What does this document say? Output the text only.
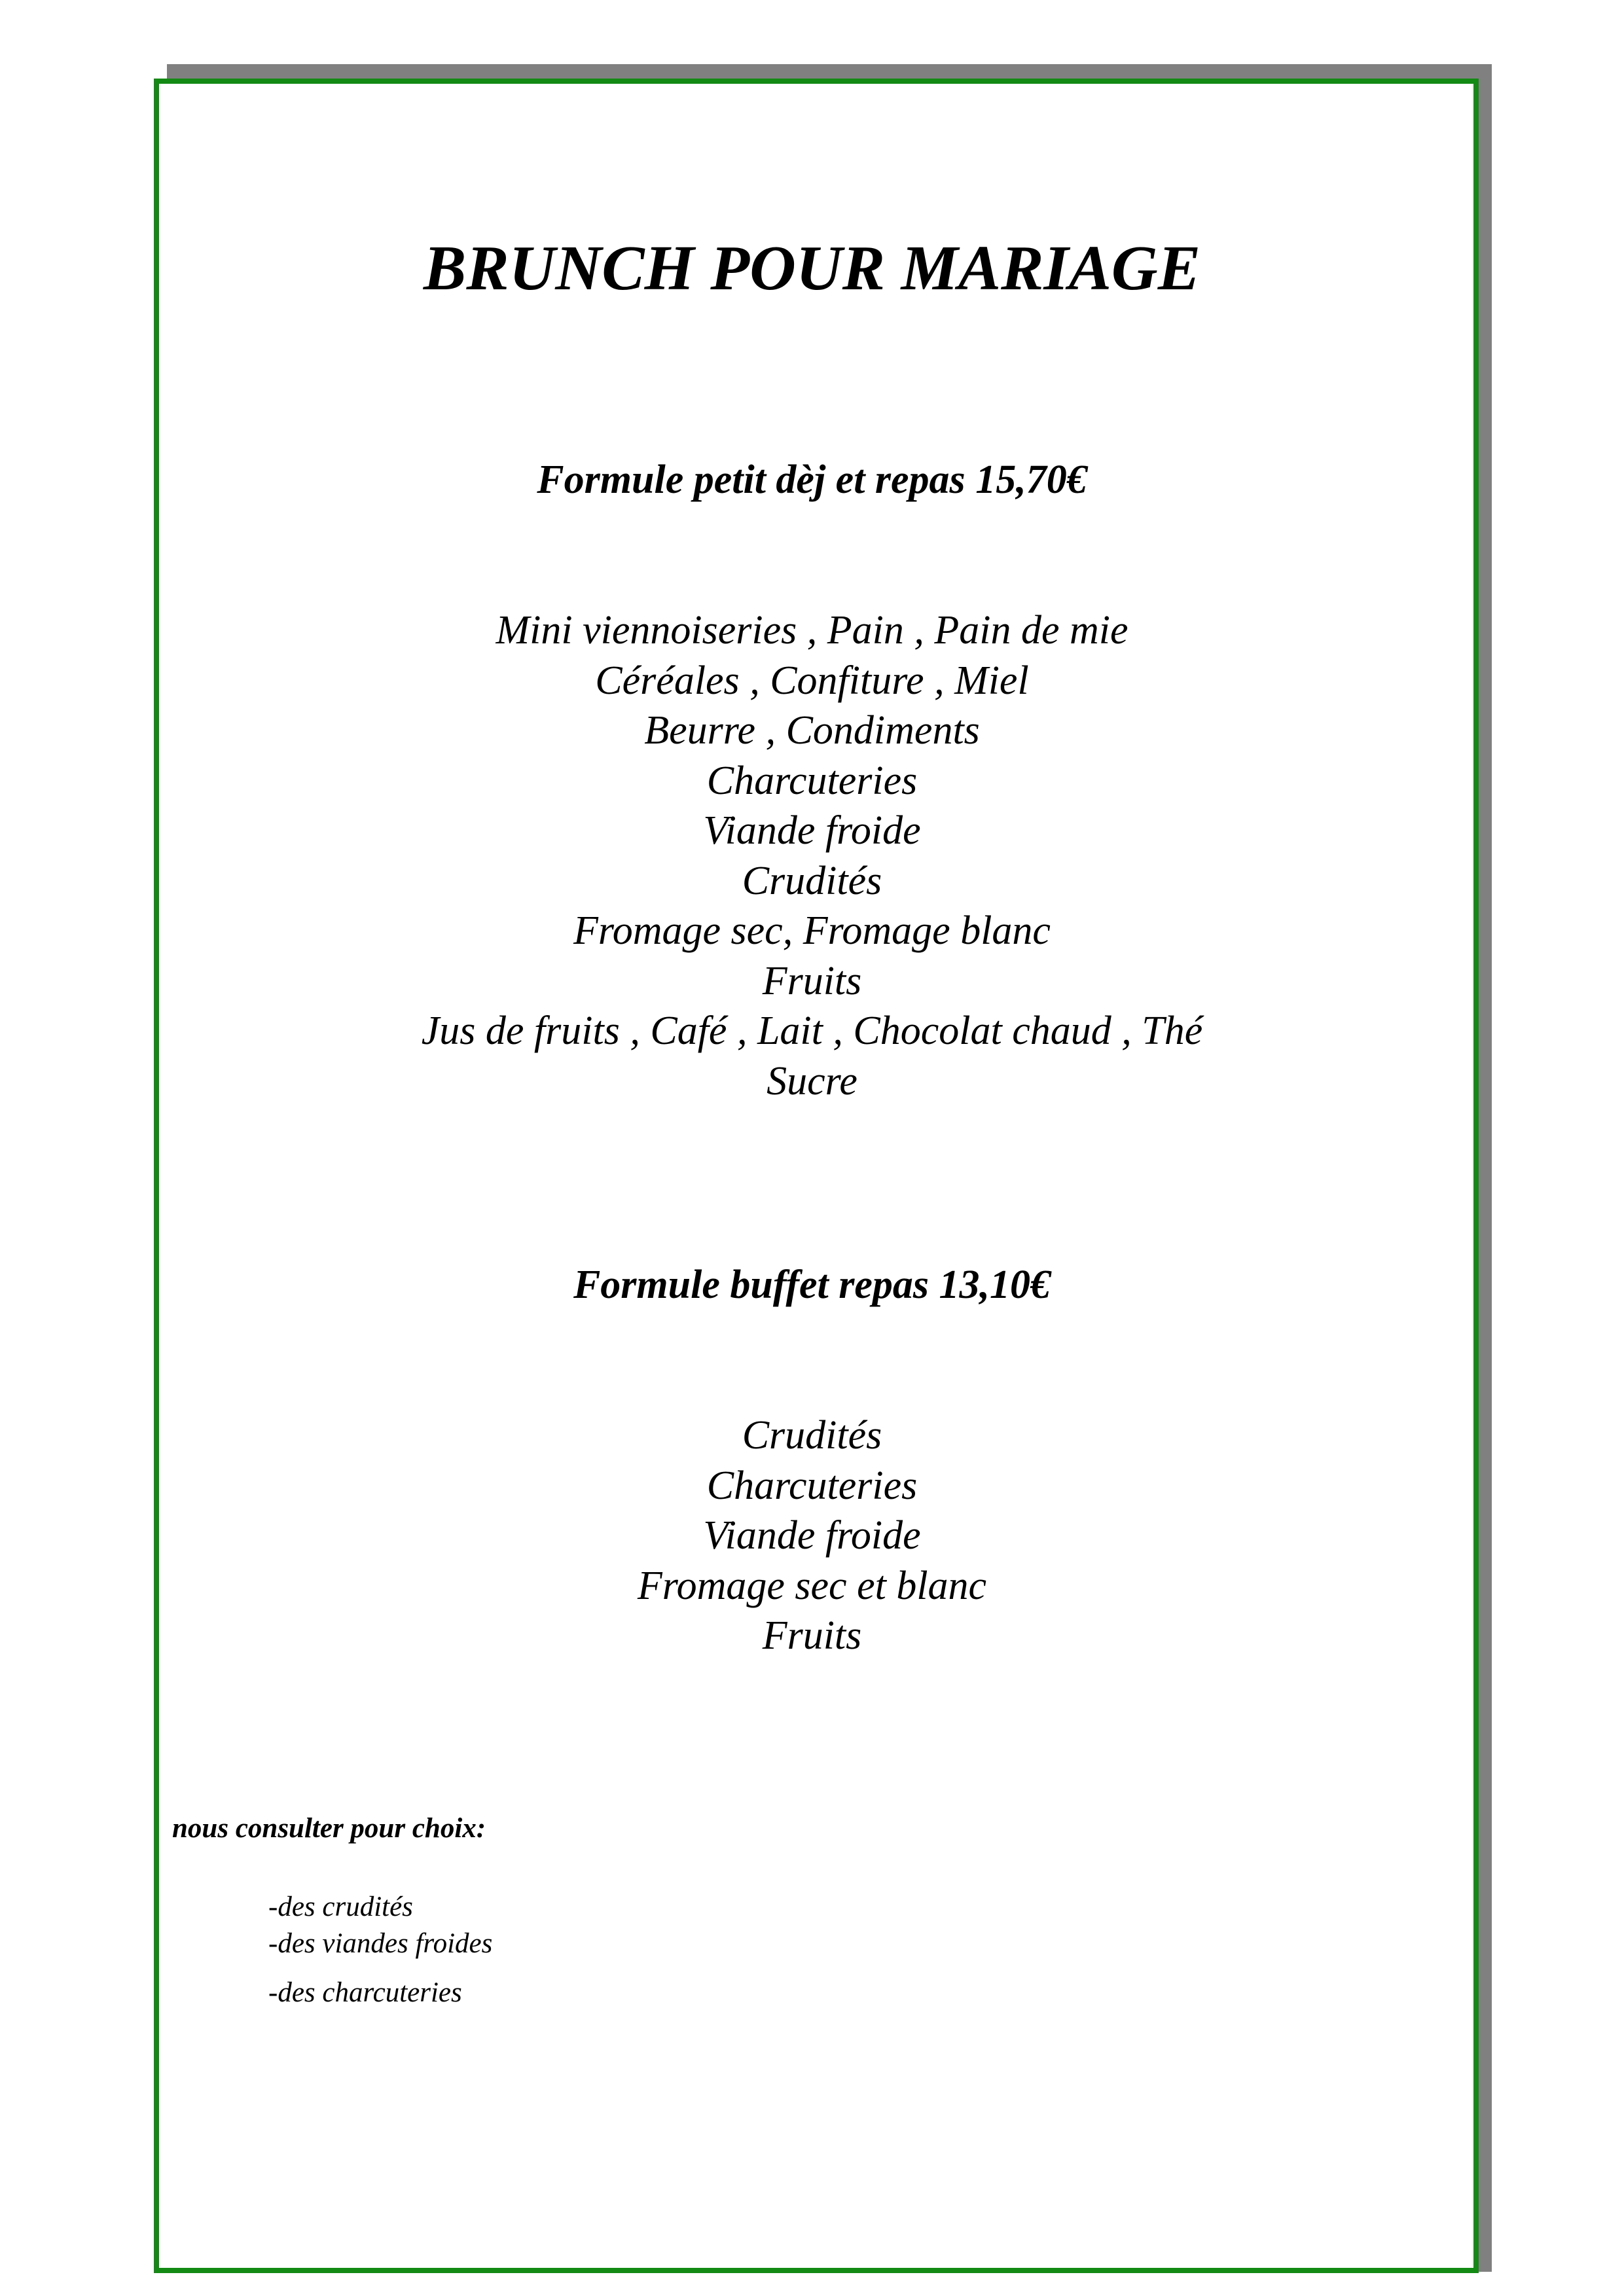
BRUNCH POUR MARIAGE
Formule petit dèj et repas 15,70€
Mini viennoiseries , Pain , Pain de mie
Céréales , Confiture , Miel
Beurre , Condiments
Charcuteries
Viande froide
Crudités
Fromage sec, Fromage blanc
Fruits
Jus de fruits , Café , Lait , Chocolat chaud , Thé
Sucre
Formule buffet repas 13,10€
Crudités
Charcuteries
Viande froide
Fromage sec et blanc
Fruits

nous consulter pour choix:

-des crudités
-des viandes froides
-des charcuteries
